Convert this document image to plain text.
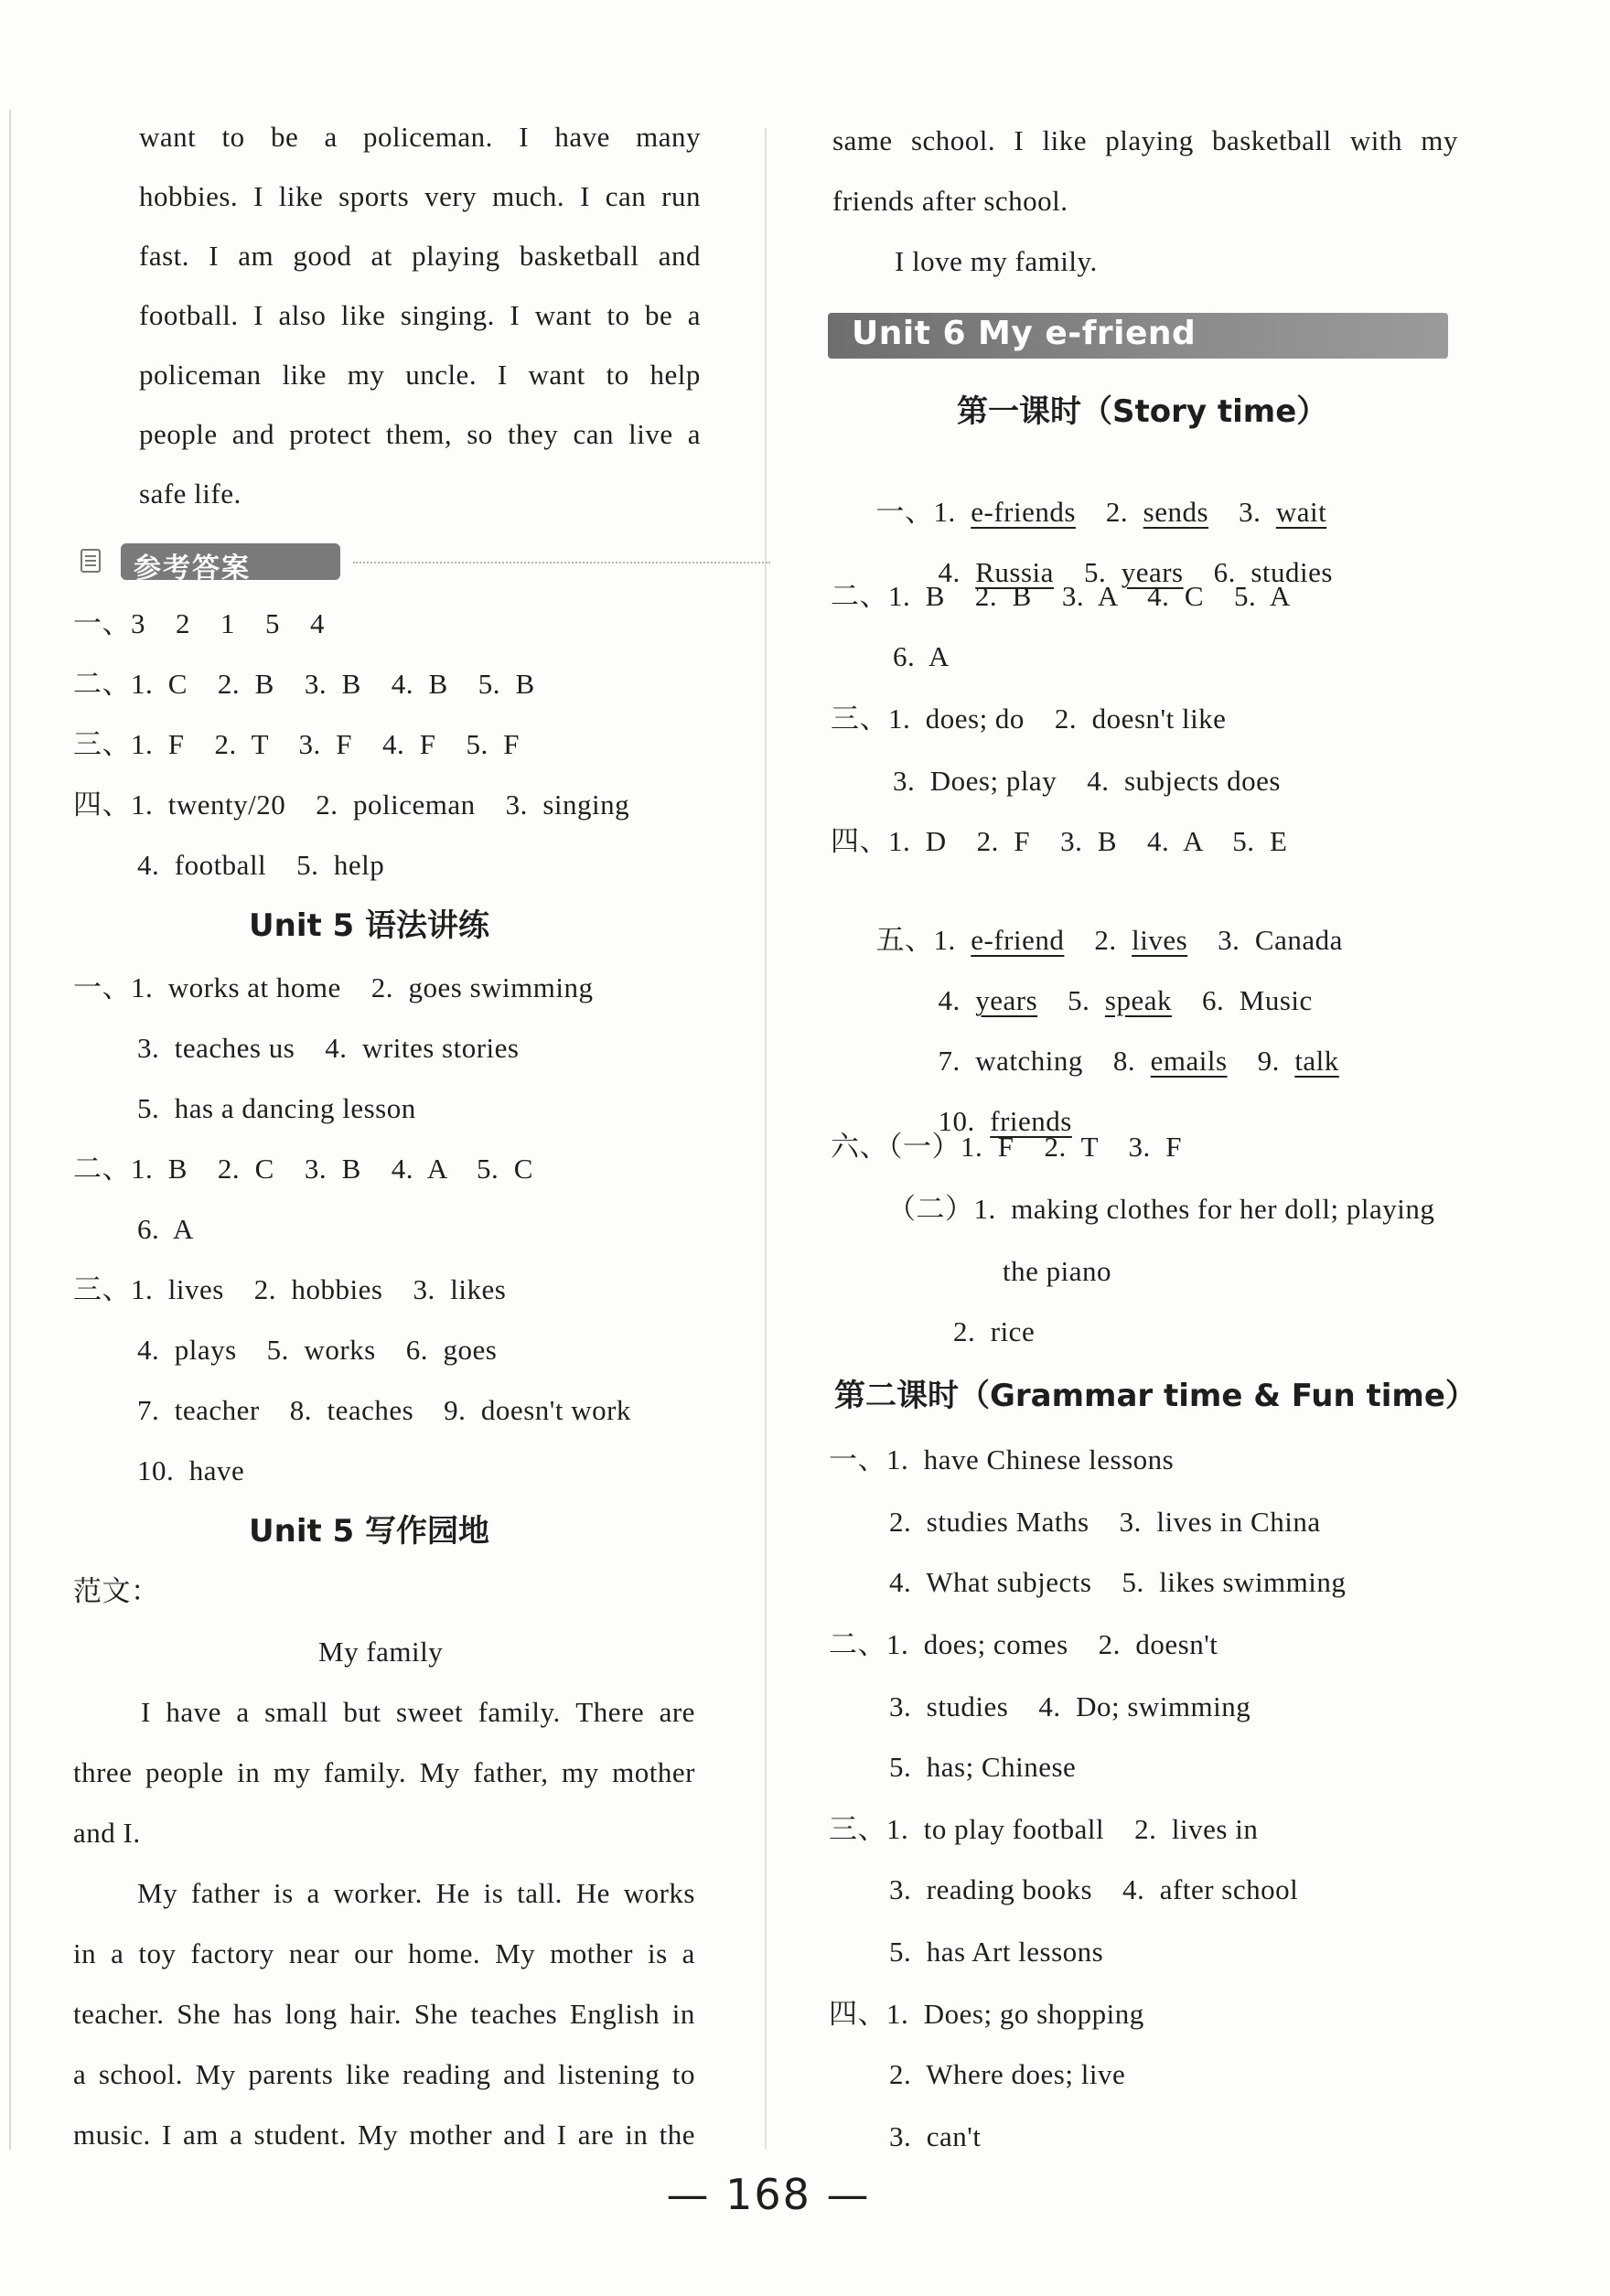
want to be a policeman. I have many
hobbies. I like sports very much. I can run
fast. I am good at playing basketball and
football. I also like singing. I want to be a
policeman like my uncle. I want to help
people and protect them, so they can live a
safe life.
参考答案
一、3    2    1    5    4
二、1.  C    2.  B    3.  B    4.  B    5.  B
三、1.  F    2.  T    3.  F    4.  F    5.  F
四、1.  twenty/20    2.  policeman    3.  singing
4.  football    5.  help
Unit 5 语法讲练
一、1.  works at home    2.  goes swimming
3.  teaches us    4.  writes stories
5.  has a dancing lesson
二、1.  B    2.  C    3.  B    4.  A    5.  C
6.  A
三、1.  lives    2.  hobbies    3.  likes
4.  plays    5.  works    6.  goes
7.  teacher    8.  teaches    9.  doesn't work
10.  have
Unit 5 写作园地
范文：
My family
I have a small but sweet family. There are
three people in my family. My father, my mother
and I.
My father is a worker. He is tall. He works
in a toy factory near our home. My mother is a
teacher. She has long hair. She teaches English in
a school. My parents like reading and listening to
music. I am a student. My mother and I are in the
same school. I like playing basketball with my
friends after school.
I love my family.
Unit 6 My e-friend
第一课时（Story time）

一、1. e-friends 2. sends 3. wait

4. Russia 5. years 6.  studies

二、1.  B    2.  B    3.  A    4.  C    5.  A
6.  A
三、1.  does; do    2.  doesn't like
3.  Does; play    4.  subjects does
四、1.  D    2.  F    3.  B    4.  A    5.  E

五、1. e-friend 2. lives 3.  Canada

4. years 5. speak 6.  Music

7.  watching    8. emails 9. talk

10. friends

六、（一）1.  F    2.  T    3.  F
（二）1.  making clothes for her doll; playing
the piano
2.  rice
第二课时（Grammar time & Fun time）
一、1.  have Chinese lessons
2.  studies Maths    3.  lives in China
4.  What subjects    5.  likes swimming
二、1.  does; comes    2.  doesn't
3.  studies    4.  Do; swimming
5.  has; Chinese
三、1.  to play football    2.  lives in
3.  reading books    4.  after school
5.  has Art lessons
四、1.  Does; go shopping
2.  Where does; live
3.  can't
— 168 —
